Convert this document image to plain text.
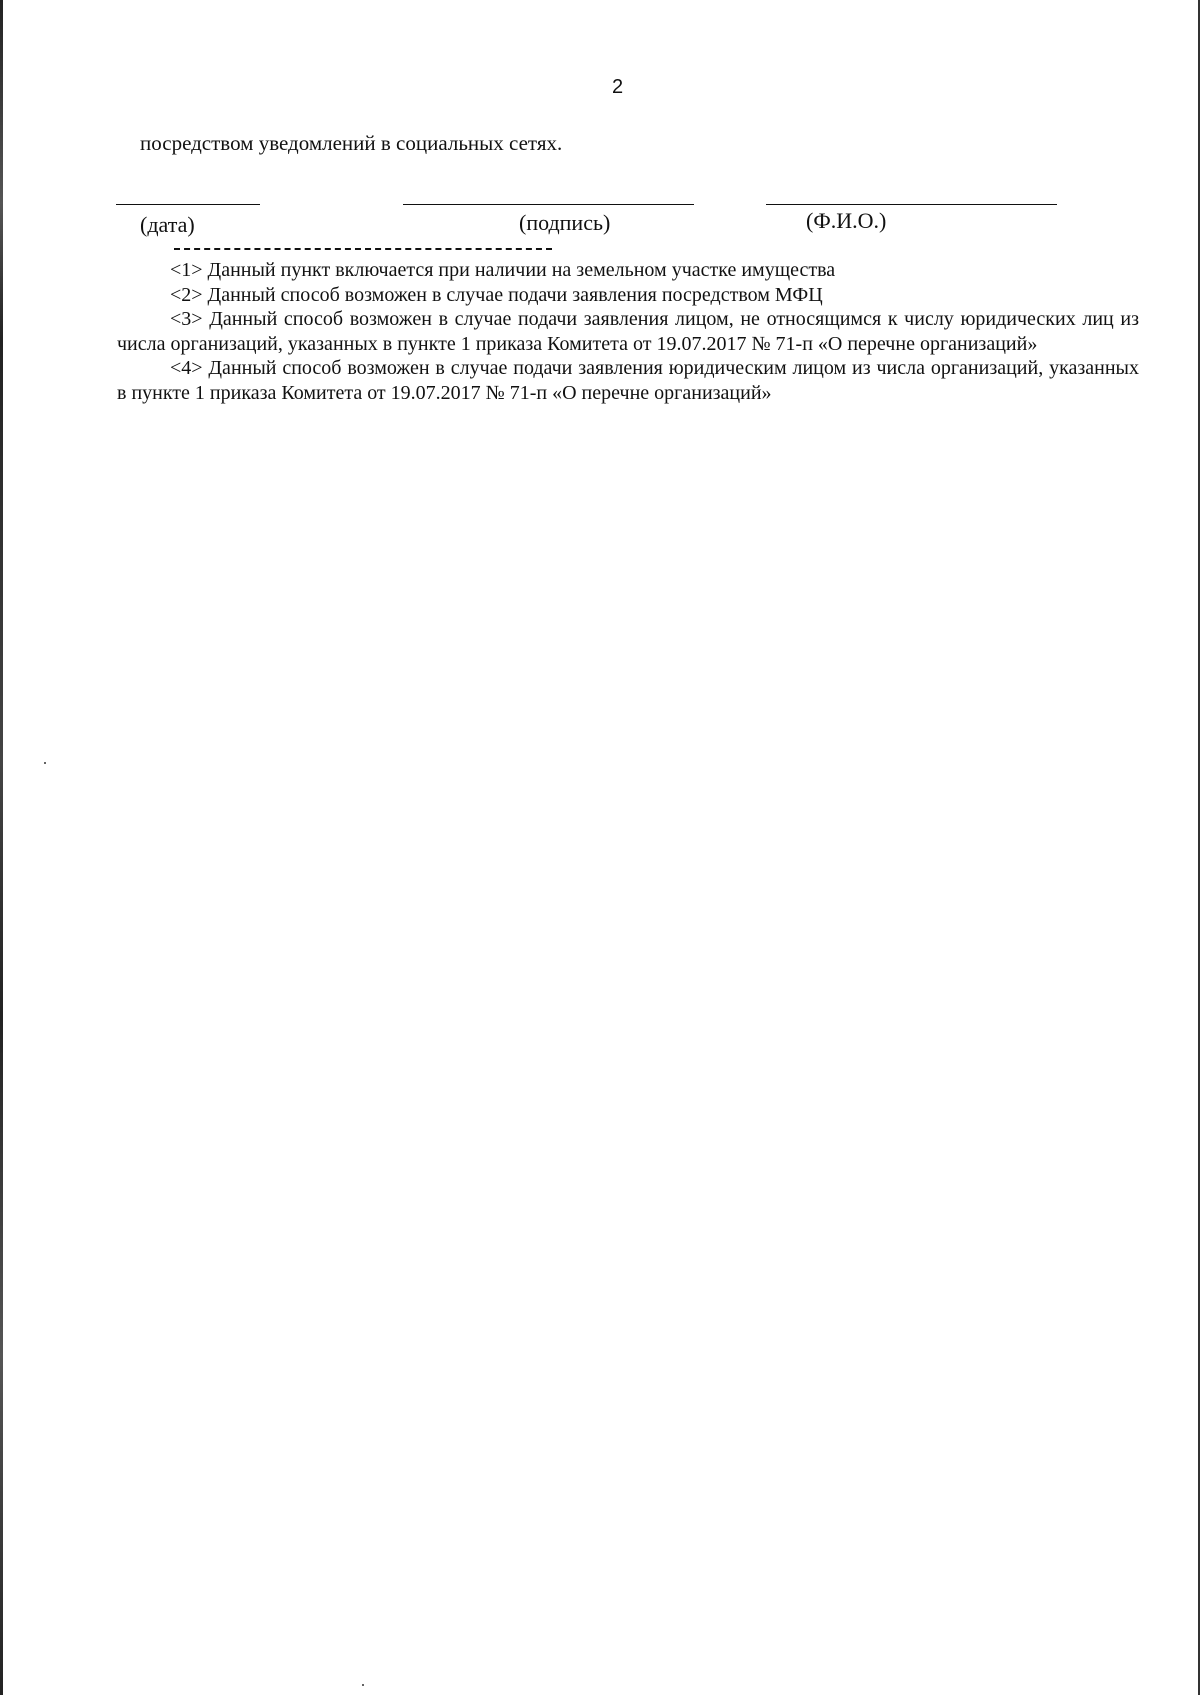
2
посредством уведомлений в социальных сетях.
(дата)	(подпись)	(Ф.И.О.)

<1> Данный пункт включается при наличии на земельном участке имущества

<2> Данный способ возможен в случае подачи заявления посредством МФЦ

<3> Данный способ возможен в случае подачи заявления лицом, не относящимся к числу юридических лиц из числа организаций, указанных в пункте 1 приказа Комитета от 19.07.2017 № 71-п «О перечне организаций»

<4> Данный способ возможен в случае подачи заявления юридическим лицом из числа организаций, указанных в пункте 1 приказа Комитета от 19.07.2017 № 71-п «О перечне организаций»
